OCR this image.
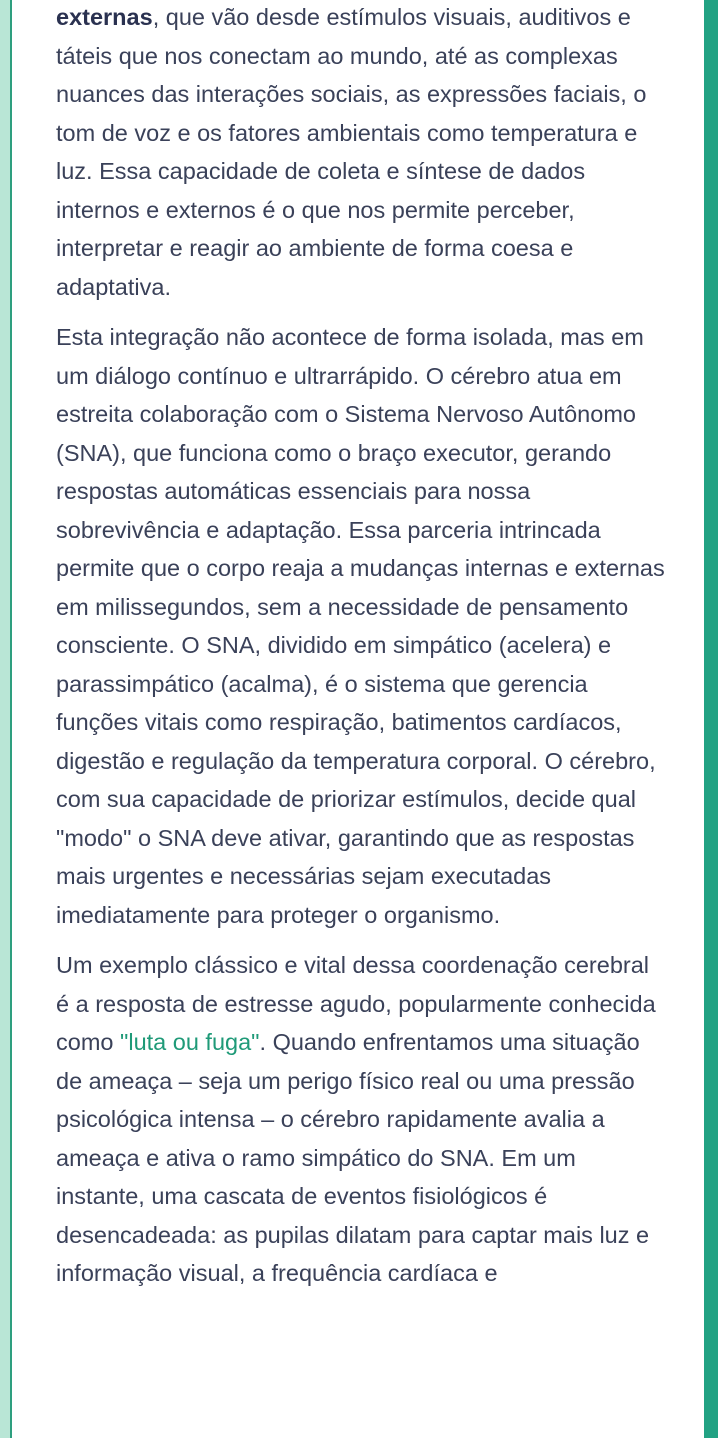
externas, que vão desde estímulos visuais, auditivos e táteis que nos conectam ao mundo, até as complexas nuances das interações sociais, as expressões faciais, o tom de voz e os fatores ambientais como temperatura e luz. Essa capacidade de coleta e síntese de dados internos e externos é o que nos permite perceber, interpretar e reagir ao ambiente de forma coesa e adaptativa.

Esta integração não acontece de forma isolada, mas em um diálogo contínuo e ultrarrápido. O cérebro atua em estreita colaboração com o Sistema Nervoso Autônomo (SNA), que funciona como o braço executor, gerando respostas automáticas essenciais para nossa sobrevivência e adaptação. Essa parceria intrincada permite que o corpo reaja a mudanças internas e externas em milissegundos, sem a necessidade de pensamento consciente. O SNA, dividido em simpático (acelera) e parassimpático (acalma), é o sistema que gerencia funções vitais como respiração, batimentos cardíacos, digestão e regulação da temperatura corporal. O cérebro, com sua capacidade de priorizar estímulos, decide qual "modo" o SNA deve ativar, garantindo que as respostas mais urgentes e necessárias sejam executadas imediatamente para proteger o organismo.

Um exemplo clássico e vital dessa coordenação cerebral é a resposta de estresse agudo, popularmente conhecida como "luta ou fuga". Quando enfrentamos uma situação de ameaça – seja um perigo físico real ou uma pressão psicológica intensa – o cérebro rapidamente avalia a ameaça e ativa o ramo simpático do SNA. Em um instante, uma cascata de eventos fisiológicos é desencadeada: as pupilas dilatam para captar mais luz e informação visual, a frequência cardíaca e
